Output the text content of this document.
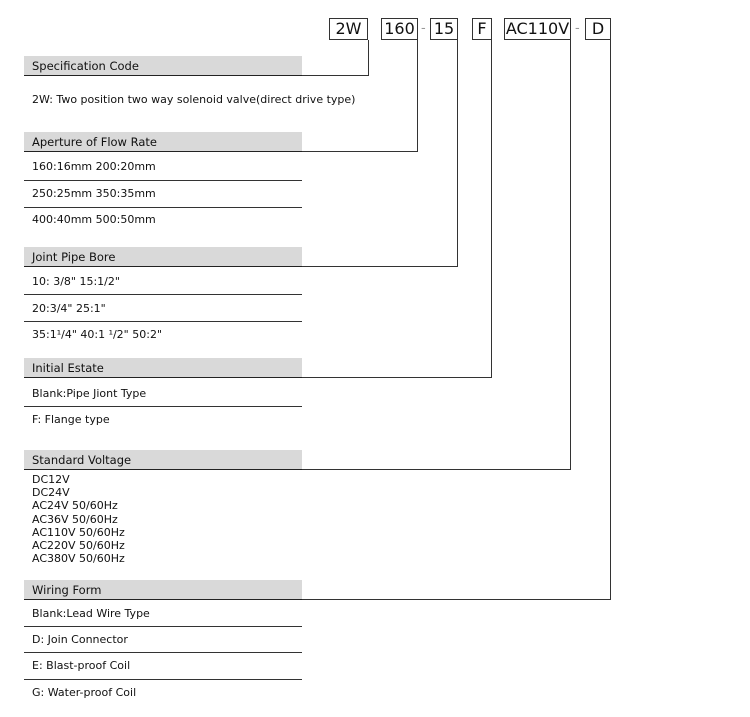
2W	160 - 15	F	AC110V - D
Specification Code
2W: Two position two way solenoid valve(direct drive type)
Aperture of Flow Rate
160:16mm 200:20mm
250:25mm 350:35mm
400:40mm 500:50mm
Joint Pipe Bore
10: 3/8" 15:1/2"
20:3/4" 25:1"
35:1¹/4" 40:1 ¹/2" 50:2"
Initial Estate
Blank:Pipe Jiont Type
F: Flange type
Standard Voltage
DC12V
DC24V
AC24V 50/60Hz
AC36V 50/60Hz
AC110V 50/60Hz
AC220V 50/60Hz
AC380V 50/60Hz
Wiring Form
Blank:Lead Wire Type
D: Join Connector
E: Blast-proof Coil
G: Water-proof Coil
